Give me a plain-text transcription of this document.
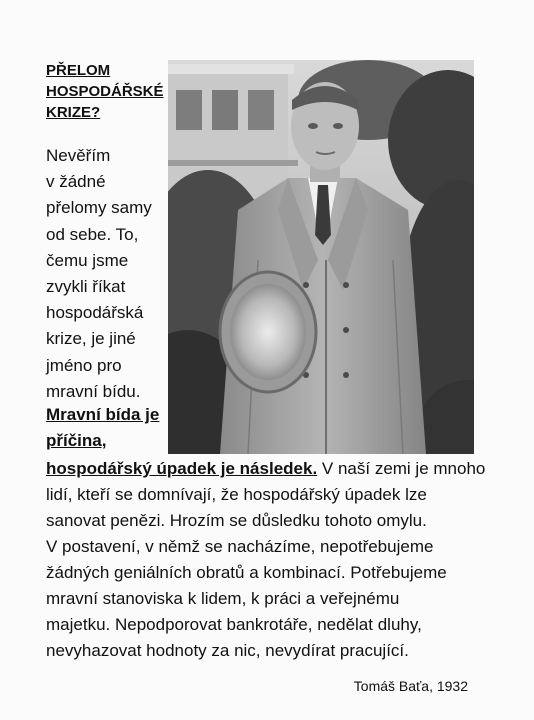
PŘELOM
HOSPODÁŘSKÉ
KRIZE?
Nevěřím
v žádné
přelomy samy
od sebe. To,
čemu jsme
zvykli říkat
hospodářská
krize, je jiné
jméno pro
mravní bídu.
Mravní bída je
příčina,
hospodářský úpadek je následek. V naší zemi je mnoho
lidí, kteří se domnívají, že hospodářský úpadek lze
sanovat penězi. Hrozím se důsledku tohoto omylu.
V postavení, v němž se nacházíme, nepotřebujeme
žádných geniálních obratů a kombinací. Potřebujeme
mravní stanoviska k lidem, k práci a veřejnému
majetku. Nepodporovat bankrotáře, nedělat dluhy,
nevyhazovat hodnoty za nic, nevydírat pracující.
Tomáš Baťa, 1932
